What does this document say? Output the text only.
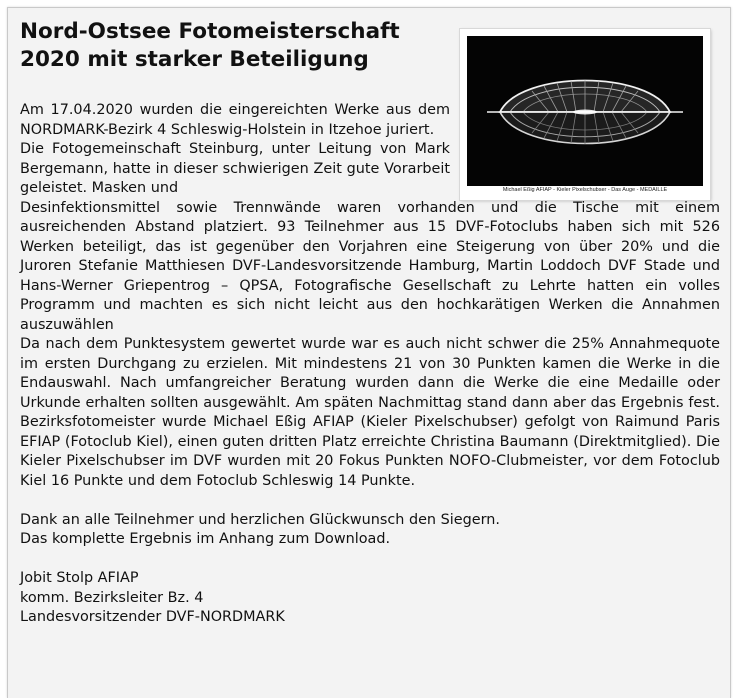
Nord-Ostsee Fotomeisterschaft 2020 mit starker Beteiligung
Michael Eßig AFIAP - Kieler Pixelschubser - Das Auge - MEDAILLE

Am 17.04.2020 wurden die eingereichten Werke aus dem NORDMARK-Bezirk 4 Schleswig-Holstein in Itzehoe juriert.

Die Fotogemeinschaft Steinburg, unter Leitung von Mark Bergemann, hatte in dieser schwierigen Zeit gute Vorarbeit geleistet. Masken und

Desinfektionsmittel sowie Trennwände waren vorhanden und die Tische mit einem ausreichenden Abstand platziert. 93 Teilnehmer aus 15 DVF-Fotoclubs haben sich mit 526 Werken beteiligt, das ist gegenüber den Vorjahren eine Steigerung von über 20% und die Juroren Stefanie Matthiesen DVF-Landesvorsitzende Hamburg, Martin Loddoch DVF Stade und Hans-Werner Griepentrog – QPSA, Fotografische Gesellschaft zu Lehrte hatten ein volles Programm und machten es sich nicht leicht aus den hochkarätigen Werken die Annahmen auszuwählen

Da nach dem Punktesystem gewertet wurde war es auch nicht schwer die 25% Annahmequote im ersten Durchgang zu erzielen. Mit mindestens 21 von 30 Punkten kamen die Werke in die Endauswahl. Nach umfangreicher Beratung wurden dann die Werke die eine Medaille oder Urkunde erhalten sollten ausgewählt. Am späten Nachmittag stand dann aber das Ergebnis fest. Bezirksfotomeister wurde Michael Eßig AFIAP (Kieler Pixelschubser) gefolgt von Raimund Paris EFIAP (Fotoclub Kiel), einen guten dritten Platz erreichte Christina Baumann (Direktmitglied). Die Kieler Pixelschubser im DVF wurden mit 20 Fokus Punkten NOFO-Clubmeister, vor dem Fotoclub Kiel 16 Punkte und dem Fotoclub Schleswig 14 Punkte.

Dank an alle Teilnehmer und herzlichen Glückwunsch den Siegern.

Das komplette Ergebnis im Anhang zum Download.

Jobit Stolp AFIAP

komm. Bezirksleiter Bz. 4

Landesvorsitzender DVF-NORDMARK
